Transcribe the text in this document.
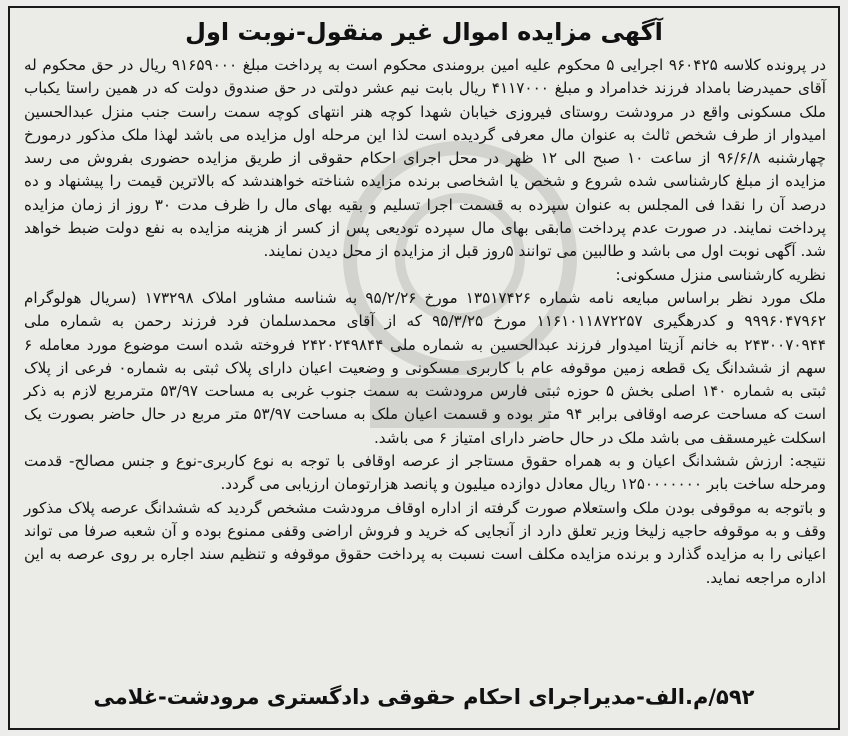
آگهی مزایده اموال غیر منقول-نوبت اول

در پرونده کلاسه ۹۶۰۴۲۵ اجرایی ۵ محکوم علیه امین برومندی محکوم است به پرداخت مبلغ ۹۱۶۵۹۰۰۰ ریال در حق محکوم له آقای حمیدرضا بامداد فرزند خدامراد و مبلغ ۴۱۱۷۰۰۰ ریال بابت نیم عشر دولتی در حق صندوق دولت که در همین راستا یکباب ملک مسکونی واقع در مرودشت روستای فیروزی خیابان شهدا کوچه هنر انتهای کوچه سمت راست جنب منزل عبدالحسین امیدوار از طرف شخص ثالث به عنوان مال معرفی گردیده است لذا این مرحله اول مزایده می باشد لهذا ملک مذکور درمورخ چهارشنبه ۹۶/۶/۸ از ساعت ۱۰ صبح الی ۱۲ ظهر در محل اجرای احکام حقوقی از طریق مزایده حضوری بفروش می رسد مزایده از مبلغ کارشناسی شده شروع و شخص یا اشخاصی برنده مزایده شناخته خواهندشد که بالاترین قیمت را پیشنهاد و ده درصد آن را نقدا فی المجلس به عنوان سپرده به قسمت اجرا تسلیم و بقیه بهای مال را ظرف مدت ۳۰ روز از زمان مزایده پرداخت نمایند. در صورت عدم پرداخت مابقی بهای مال سپرده تودیعی پس از کسر از هزینه مزایده به نفع دولت ضبط خواهد شد. آگهی نوبت اول می باشد و طالبین می توانند ۵روز قبل از مزایده از محل دیدن نمایند.

نظریه کارشناسی منزل مسکونی:

ملک مورد نظر براساس مبایعه نامه شماره ۱۳۵۱۷۴۲۶ مورخ ۹۵/۲/۲۶ به شناسه مشاور املاک ۱۷۳۲۹۸ (سریال هولوگرام ۹۹۹۶۰۴۷۹۶۲ و کدرهگیری ۱۱۶۱۰۱۱۸۷۲۲۵۷ مورخ ۹۵/۳/۲۵ که از آقای محمدسلمان فرد فرزند رحمن به شماره ملی ۲۴۳۰۰۷۰۹۴۴ به خانم آزیتا امیدوار فرزند عبدالحسین به شماره ملی ۲۴۲۰۲۴۹۸۴۴ فروخته شده است موضوع مورد معامله ۶ سهم از ششدانگ یک قطعه زمین موقوفه عام با کاربری مسکونی و وضعیت اعیان دارای پلاک ثبتی به شماره۰ فرعی از پلاک ثبتی به شماره ۱۴۰ اصلی بخش ۵ حوزه ثبتی فارس مرودشت به سمت جنوب غربی به مساحت ۵۳/۹۷ مترمربع لازم به ذکر است که مساحت عرصه اوقافی برابر ۹۴ متر بوده و قسمت اعیان ملک به مساحت ۵۳/۹۷ متر مربع در حال حاضر بصورت یک اسکلت غیرمسقف می باشد ملک در حال حاضر دارای امتیاز ۶ می باشد.

نتیجه: ارزش ششدانگ اعیان و به همراه حقوق مستاجر از عرصه اوقافی با توجه به نوع کاربری-نوع و جنس مصالح- قدمت ومرحله ساخت بابر ۱۲۵۰۰۰۰۰۰۰ ریال معادل دوازده میلیون و پانصد هزارتومان ارزیابی می گردد.

و باتوجه به موقوفی بودن ملک واستعلام صورت گرفته از اداره اوقاف مرودشت مشخص گردید که ششدانگ عرصه پلاک مذکور وقف و به موقوفه حاجیه زلیخا وزیر تعلق دارد از آنجایی که خرید و فروش اراضی وقفی ممنوع بوده و آن شعبه صرفا می تواند اعیانی را به مزایده گذارد و برنده مزایده مکلف است نسبت به پرداخت حقوق موقوفه و تنظیم سند اجاره بر روی عرصه به این اداره مراجعه نماید.

۵۹۲/م.الف-مدیراجرای احکام حقوقی دادگستری مرودشت-غلامی
